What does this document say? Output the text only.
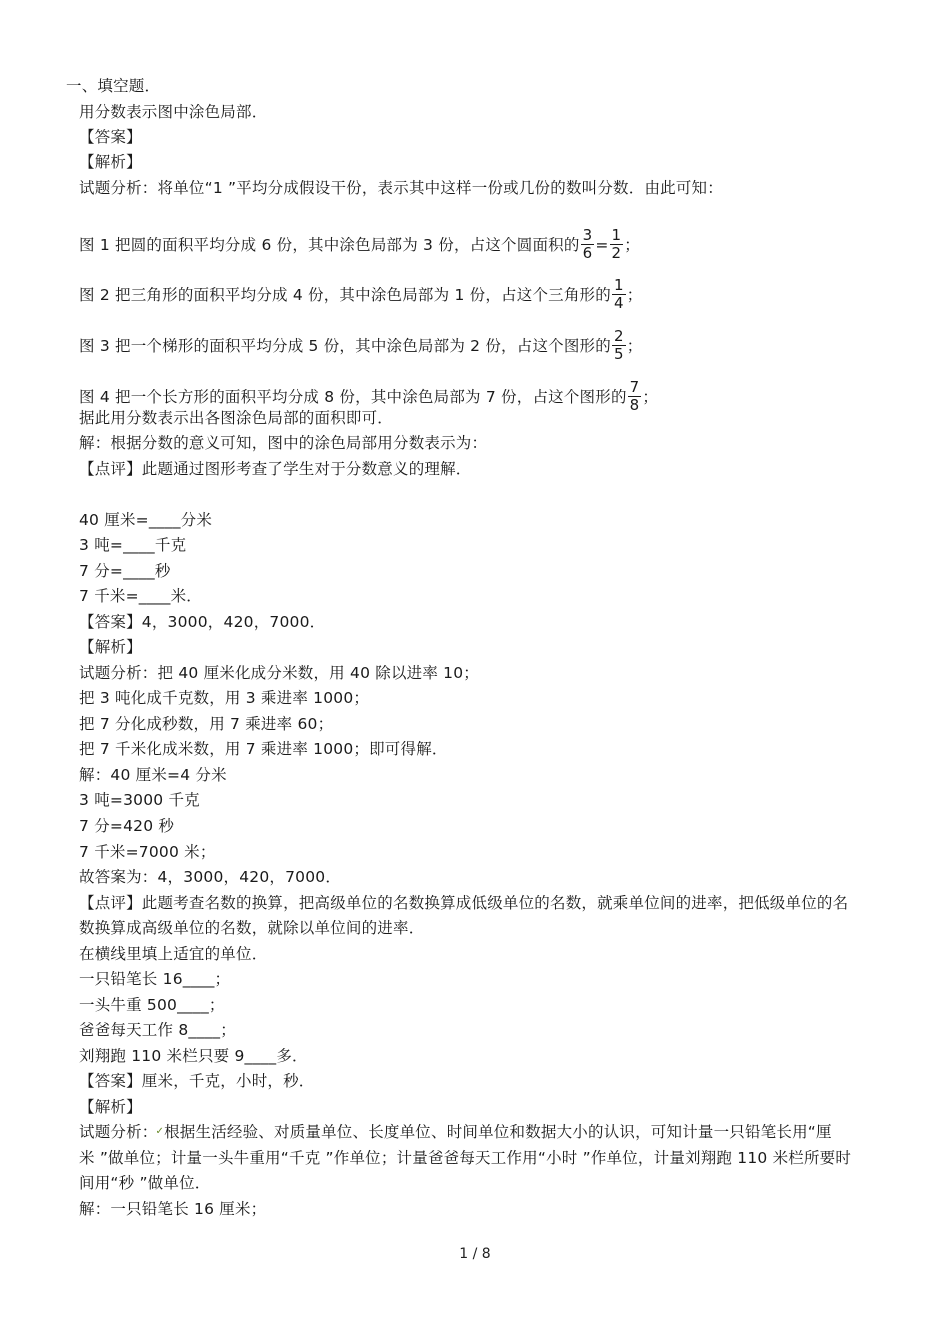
一、填空题．
用分数表示图中涂色局部．
【答案】
【解析】
试题分析：将单位“1 ”平均分成假设干份，表示其中这样一份或几份的数叫分数．由此可知：
图 1 把圆的面积平均分成 6 份，其中涂色局部为 3 份，占这个圆面积的 $\frac{3}{6} = \frac{1}{2}$ ；
图 2 把三角形的面积平均分成 4 份，其中涂色局部为 1 份，占这个三角形的 $\frac{1}{4}$ ；
图 3 把一个梯形的面积平均分成 5 份，其中涂色局部为 2 份，占这个图形的 $\frac{2}{5}$ ；
图 4 把一个长方形的面积平均分成 8 份，其中涂色局部为 7 份，占这个图形的 $\frac{7}{8}$ ；
据此用分数表示出各图涂色局部的面积即可．
解：根据分数的意义可知，图中的涂色局部用分数表示为：
【点评】此题通过图形考查了学生对于分数意义的理解．
40 厘米=____分米
3 吨=____千克
7 分=____秒
7 千米=____米．
【答案】4，3000，420，7000．
【解析】
试题分析：把 40 厘米化成分米数，用 40 除以进率 10；
把 3 吨化成千克数，用 3 乘进率 1000；
把 7 分化成秒数，用 7 乘进率 60；
把 7 千米化成米数，用 7 乘进率 1000；即可得解．
解：40 厘米=4 分米
3 吨=3000 千克
7 分=420 秒
7 千米=7000 米；
故答案为：4，3000，420，7000．
【点评】此题考查名数的换算，把高级单位的名数换算成低级单位的名数，就乘单位间的进率，把低级单位的名
数换算成高级单位的名数，就除以单位间的进率．
在横线里填上适宜的单位．
一只铅笔长 16____；
一头牛重 500____；
爸爸每天工作 8____；
刘翔跑 110 米栏只要 9____多．
【答案】厘米，千克，小时，秒．
【解析】
试题分析：✓根据生活经验、对质量单位、长度单位、时间单位和数据大小的认识，可知计量一只铅笔长用“厘
米 ”做单位；计量一头牛重用“千克 ”作单位；计量爸爸每天工作用“小时 ”作单位，计量刘翔跑 110 米栏所要时
间用“秒 ”做单位．
解：一只铅笔长 16 厘米；
1 / 8
